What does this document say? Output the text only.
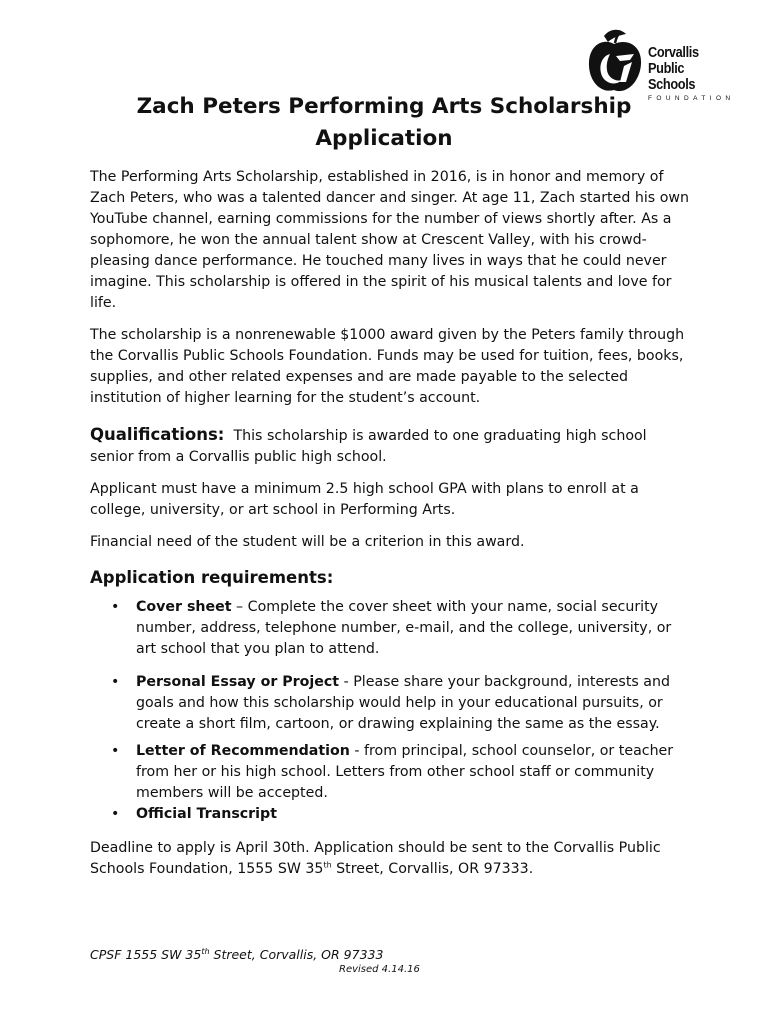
Corvallis
Public Schools
FOUNDATION
Zach Peters Performing Arts Scholarship Application

The Performing Arts Scholarship, established in 2016, is in honor and memory of Zach Peters, who was a talented dancer and singer. At age 11, Zach started his own YouTube channel, earning commissions for the number of views shortly after. As a sophomore, he won the annual talent show at Crescent Valley, with his crowd-pleasing dance performance. He touched many lives in ways that he could never imagine. This scholarship is offered in the spirit of his musical talents and love for life.

The scholarship is a nonrenewable $1000 award given by the Peters family through the Corvallis Public Schools Foundation. Funds may be used for tuition, fees, books, supplies, and other related expenses and are made payable to the selected institution of higher learning for the student’s account.

Qualifications: This scholarship is awarded to one graduating high school senior from a Corvallis public high school.

Applicant must have a minimum 2.5 high school GPA with plans to enroll at a college, university, or art school in Performing Arts.

Financial need of the student will be a criterion in this award.

Application requirements:
• Cover sheet – Complete the cover sheet with your name, social security number, address, telephone number, e-mail, and the college, university, or art school that you plan to attend.
• Personal Essay or Project - Please share your background, interests and goals and how this scholarship would help in your educational pursuits, or create a short film, cartoon, or drawing explaining the same as the essay.
• Letter of Recommendation - from principal, school counselor, or teacher from her or his high school. Letters from other school staff or community members will be accepted.
• Official Transcript

Deadline to apply is April 30th. Application should be sent to the Corvallis Public Schools Foundation, 1555 SW 35th Street, Corvallis, OR 97333.

CPSF 1555 SW 35th Street, Corvallis, OR 97333
Revised 4.14.16
